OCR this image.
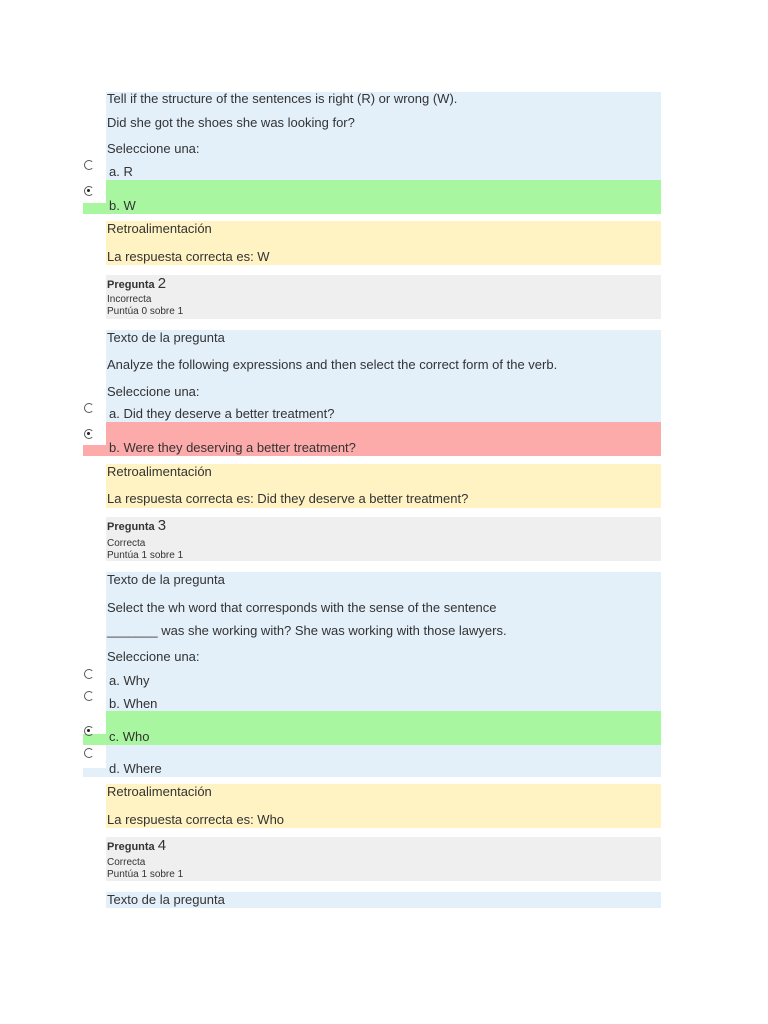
Tell if the structure of the sentences is right (R) or wrong (W).
Did she got the shoes she was looking for?
Seleccione una:
a. R
b. W
Retroalimentación
La respuesta correcta es: W
Pregunta 2
Incorrecta
Puntúa 0 sobre 1
Texto de la pregunta
Analyze the following expressions and then select the correct form of the verb.
Seleccione una:
a. Did they deserve a better treatment?
b. Were they deserving a better treatment?
Retroalimentación
La respuesta correcta es: Did they deserve a better treatment?
Pregunta 3
Correcta
Puntúa 1 sobre 1
Texto de la pregunta
Select the wh word that corresponds with the sense of the sentence
_______ was she working with? She was working with those lawyers.
Seleccione una:
a. Why
b. When
c. Who
d. Where
Retroalimentación
La respuesta correcta es: Who
Pregunta 4
Correcta
Puntúa 1 sobre 1
Texto de la pregunta
